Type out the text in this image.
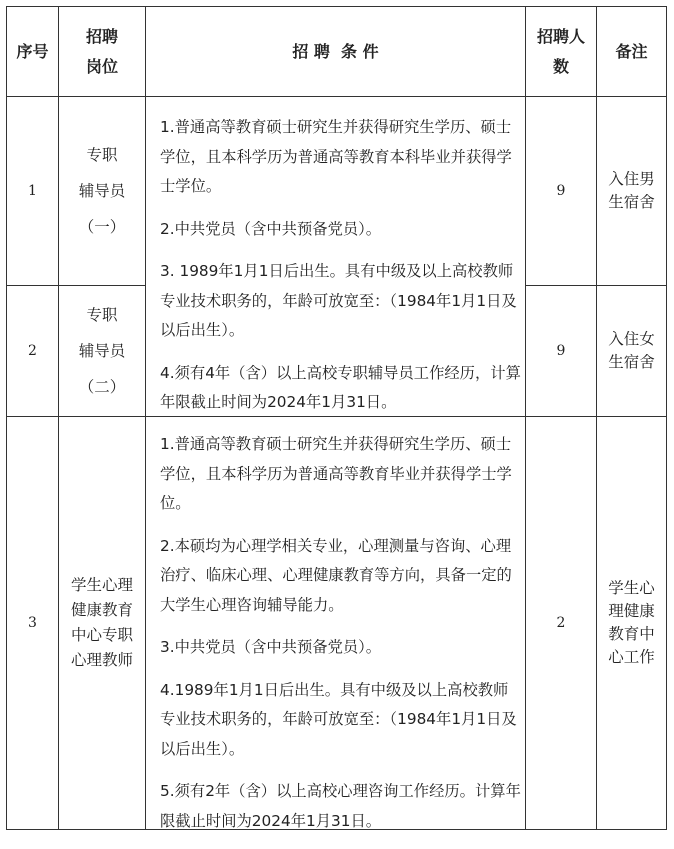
序号
招聘
岗位
招 聘  条 件
招聘人
数
备注
1
专职
辅导员
（一）
9
入住男
生宿舍
2
专职
辅导员
（二）
9
入住女
生宿舍

1.普通高等教育硕士研究生并获得研究生学历、硕士学位，且本科学历为普通高等教育本科毕业并获得学士学位。

2.中共党员（含中共预备党员）。

3. 1989年1月1日后出生。具有中级及以上高校教师专业技术职务的，年龄可放宽至：（1984年1月1日及以后出生）。

4.须有4年（含）以上高校专职辅导员工作经历，计算年限截止时间为2024年1月31日。

3
学生心理
健康教育
中心专职
心理教师

1.普通高等教育硕士研究生并获得研究生学历、硕士学位，且本科学历为普通高等教育毕业并获得学士学位。

2.本硕均为心理学相关专业，心理测量与咨询、心理治疗、临床心理、心理健康教育等方向，具备一定的大学生心理咨询辅导能力。

3.中共党员（含中共预备党员）。

4.1989年1月1日后出生。具有中级及以上高校教师专业技术职务的，年龄可放宽至：（1984年1月1日及以后出生）。

5.须有2年（含）以上高校心理咨询工作经历。计算年限截止时间为2024年1月31日。

2
学生心
理健康
教育中
心工作
